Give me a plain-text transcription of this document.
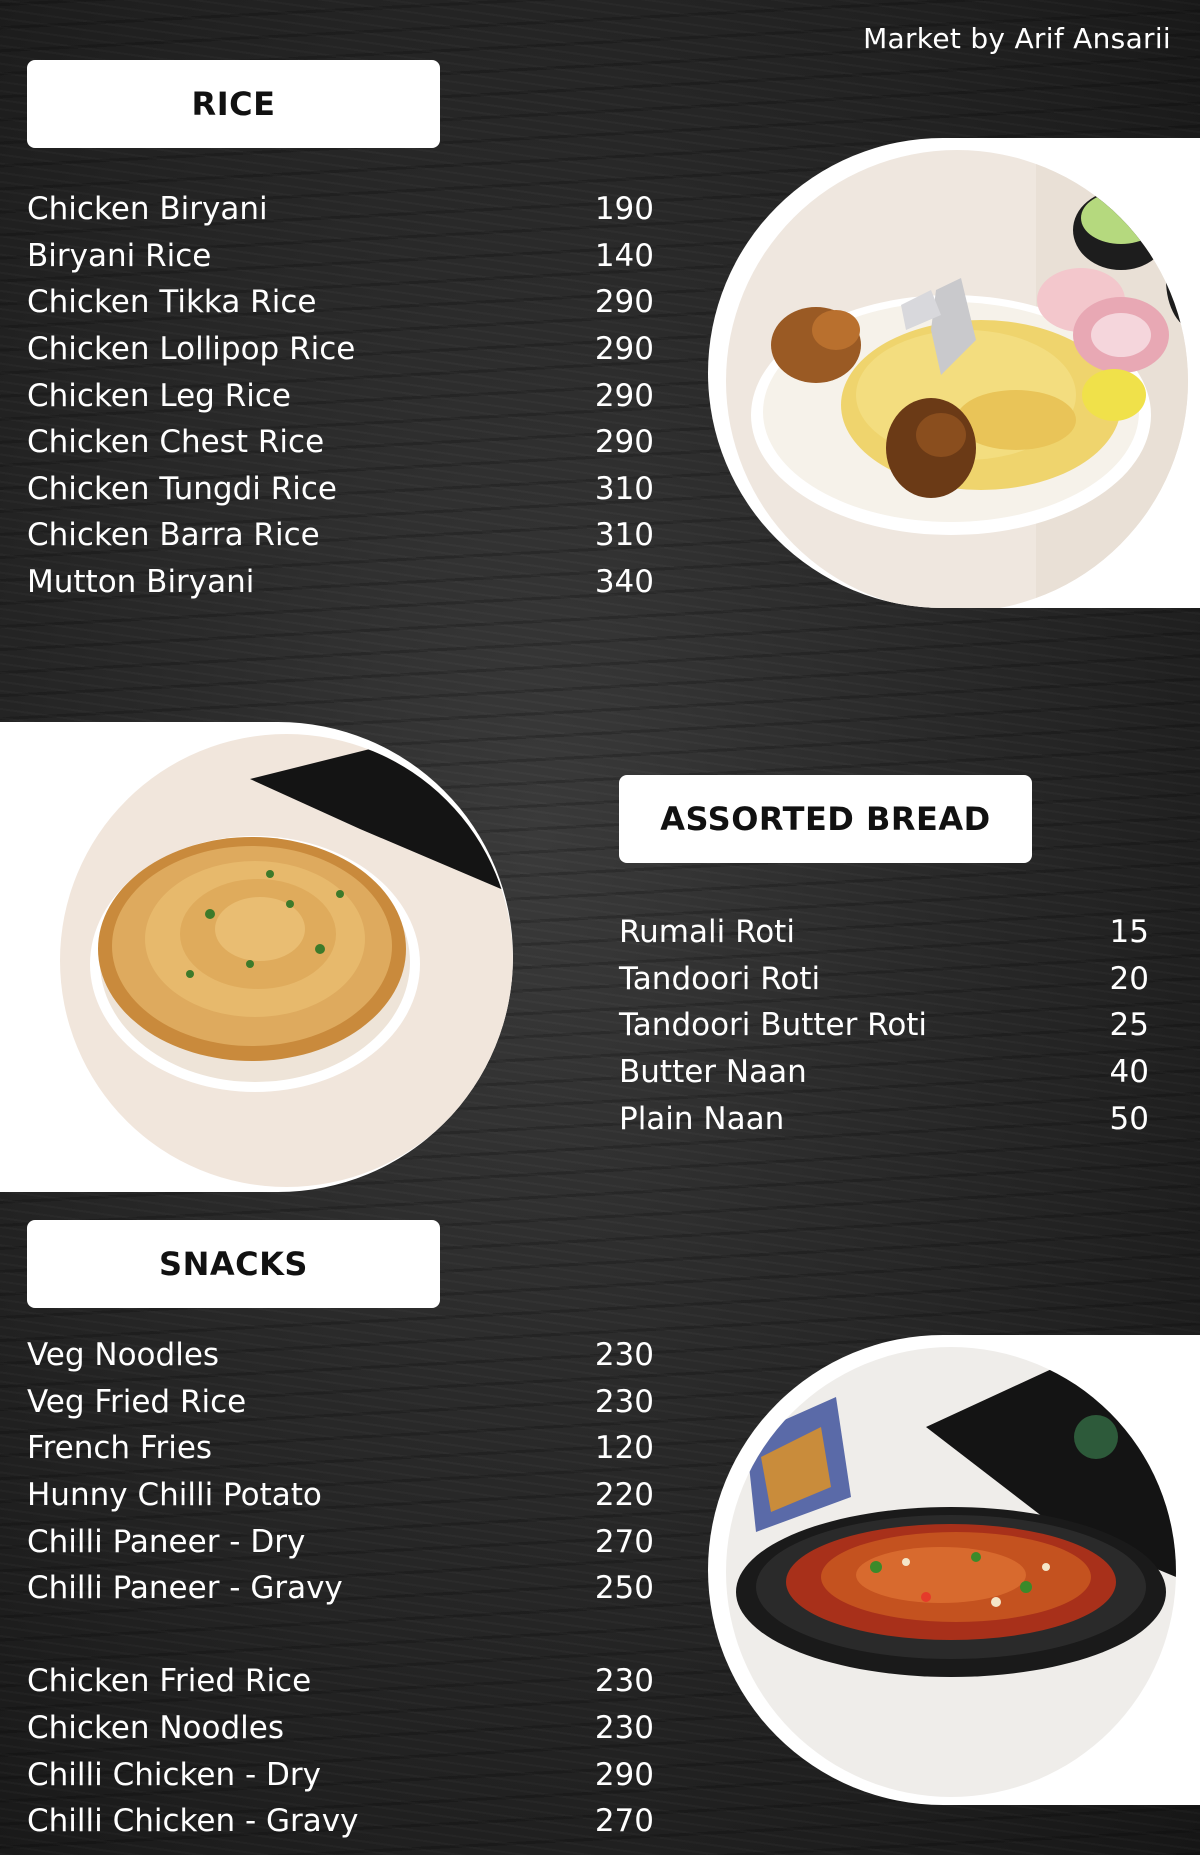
Market by Arif Ansarii
RICE
Chicken Biryani	190
Biryani Rice	140
Chicken Tikka Rice	290
Chicken Lollipop Rice	290
Chicken Leg Rice	290
Chicken Chest Rice	290
Chicken Tungdi Rice	310
Chicken Barra Rice	310
Mutton Biryani	340
ASSORTED BREAD
Rumali Roti	15
Tandoori Roti	20
Tandoori Butter Roti	25
Butter Naan	40
Plain Naan	50
SNACKS
Veg Noodles	230
Veg Fried Rice	230
French Fries	120
Hunny Chilli Potato	220
Chilli Paneer - Dry	270
Chilli Paneer - Gravy	250
Chicken Fried Rice	230
Chicken Noodles	230
Chilli Chicken - Dry	290
Chilli Chicken - Gravy	270
